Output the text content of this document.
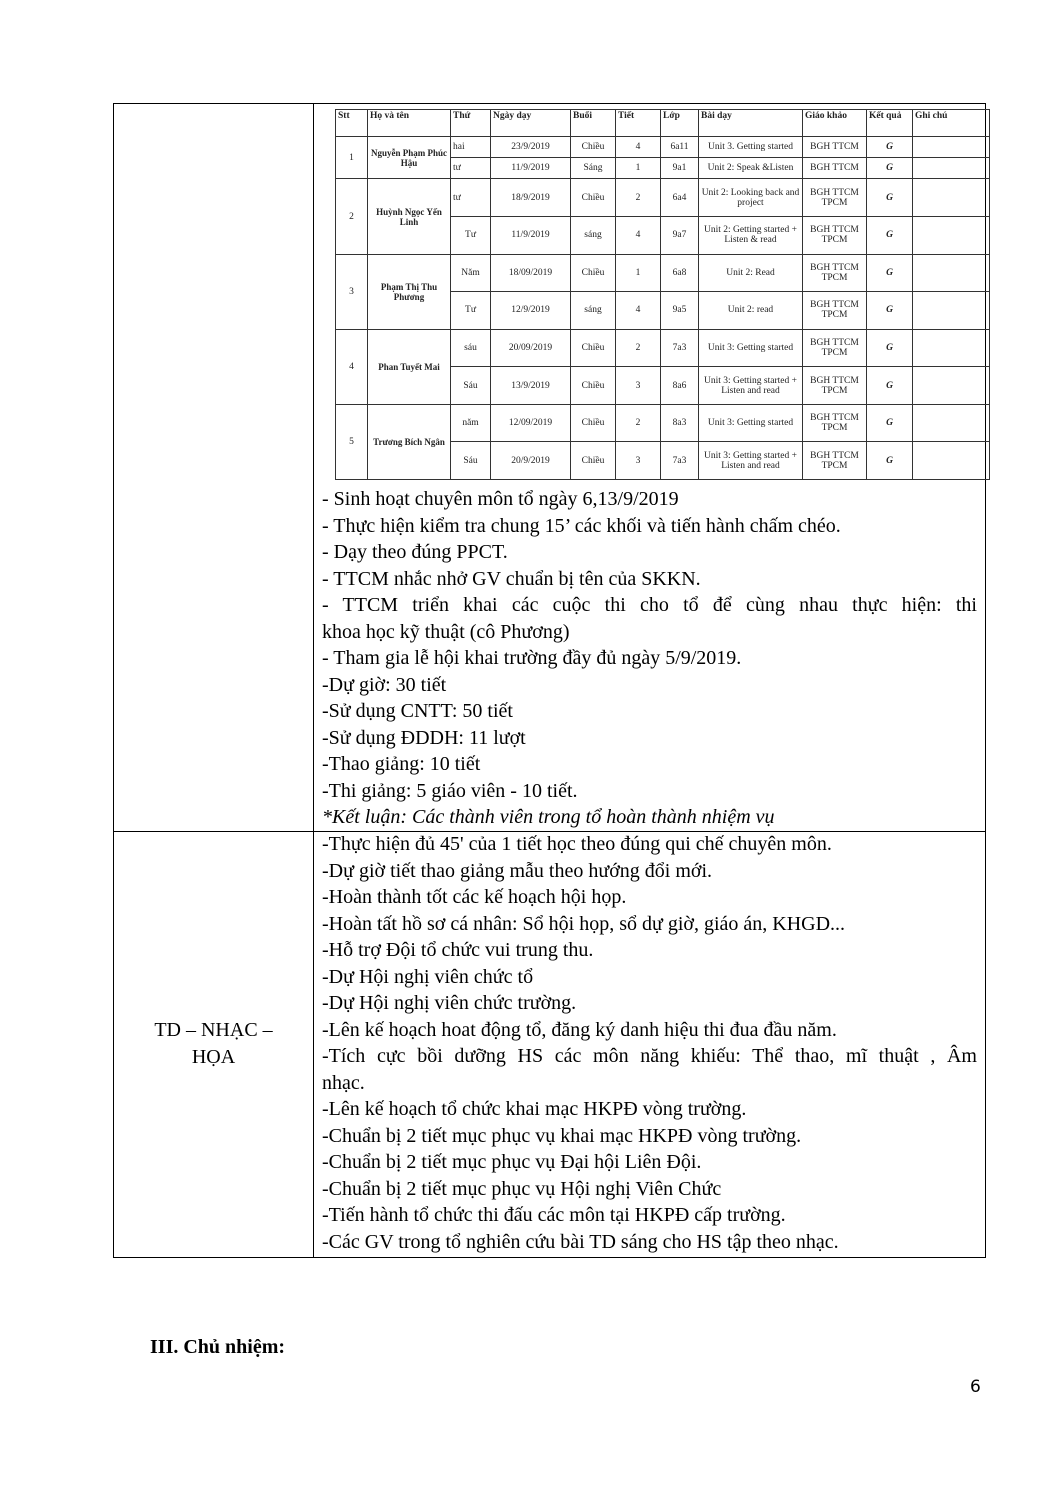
Stt	Họ và tên	Thứ	Ngày dạy	Buổi	Tiết	Lớp	Bài dạy	Giáo khảo	Kết quả	Ghi chú
1	Nguyễn Phạm Phúc Hậu	hai	23/9/2019	Chiều	4	6a11	Unit 3. Getting started	BGH TTCM	G	
		tư	11/9/2019	Sáng	1	9a1	Unit 2: Speak &Listen	BGH TTCM	G	
2	Huỳnh Ngọc Yến Linh	tư	18/9/2019	Chiều	2	6a4	Unit 2: Looking back and project	BGH TTCM TPCM	G	
		Tư	11/9/2019	sáng	4	9a7	Unit 2: Getting started + Listen & read	BGH TTCM TPCM	G	
3	Phạm Thị Thu Phương	Năm	18/09/2019	Chiều	1	6a8	Unit 2: Read	BGH TTCM TPCM	G	
		Tư	12/9/2019	sáng	4	9a5	Unit 2: read	BGH TTCM TPCM	G	
4	Phan Tuyết Mai	sáu	20/09/2019	Chiều	2	7a3	Unit 3: Getting started	BGH TTCM TPCM	G	
		Sáu	13/9/2019	Chiều	3	8a6	Unit 3: Getting started + Listen and read	BGH TTCM TPCM	G	
5	Trương Bích Ngân	năm	12/09/2019	Chiều	2	8a3	Unit 3: Getting started	BGH TTCM TPCM	G	
		Sáu	20/9/2019	Chiều	3	7a3	Unit 3: Getting started + Listen and read	BGH TTCM TPCM	G	

- Sinh hoạt chuyên môn tổ ngày 6,13/9/2019

- Thực hiện kiểm tra chung 15’ các khối và tiến hành chấm chéo.

- Dạy theo đúng PPCT.

- TTCM nhắc nhở GV chuẩn bị tên của SKKN.

- TTCM triển khai các cuộc thi cho tổ để cùng nhau thực hiện: thi

khoa học kỹ thuật (cô Phương)

- Tham gia lễ hội khai trường đầy đủ ngày 5/9/2019.

-Dự giờ: 30 tiết

-Sử dụng CNTT: 50 tiết

-Sử dụng ĐDDH: 11 lượt

-Thao giảng: 10 tiết

-Thi giảng: 5 giáo viên - 10 tiết.

*Kết luận: Các thành viên trong tổ hoàn thành nhiệm vụ

TD – NHẠC –
HỌA

-Thực hiện đủ 45' của 1 tiết học theo đúng qui chế chuyên môn.

-Dự giờ tiết thao giảng mẫu theo hướng đổi mới.

-Hoàn thành tốt các kế hoạch hội họp.

-Hoàn tất hồ sơ cá nhân: Sổ hội họp, sổ dự giờ, giáo án, KHGD...

-Hỗ trợ Đội tổ chức vui trung thu.

-Dự Hội nghị viên chức tổ

-Dự Hội nghị viên chức trường.

-Lên kế hoạch hoat động tổ, đăng ký danh hiệu thi đua đầu năm.

-Tích cực bồi dưỡng HS các môn năng khiếu: Thể thao, mĩ thuật , Âm

nhạc.

-Lên kế hoạch tổ chức khai mạc HKPĐ vòng trường.

-Chuẩn bị 2 tiết mục phục vụ khai mạc HKPĐ vòng trường.

-Chuẩn bị 2 tiết mục phục vụ Đại hội Liên Đội.

-Chuẩn bị 2 tiết mục phục vụ Hội nghị Viên Chức

-Tiến hành tổ chức thi đấu các môn tại HKPĐ cấp trường.

-Các GV trong tổ nghiên cứu bài TD sáng cho HS tập theo nhạc.

III. Chủ nhiệm:
6
